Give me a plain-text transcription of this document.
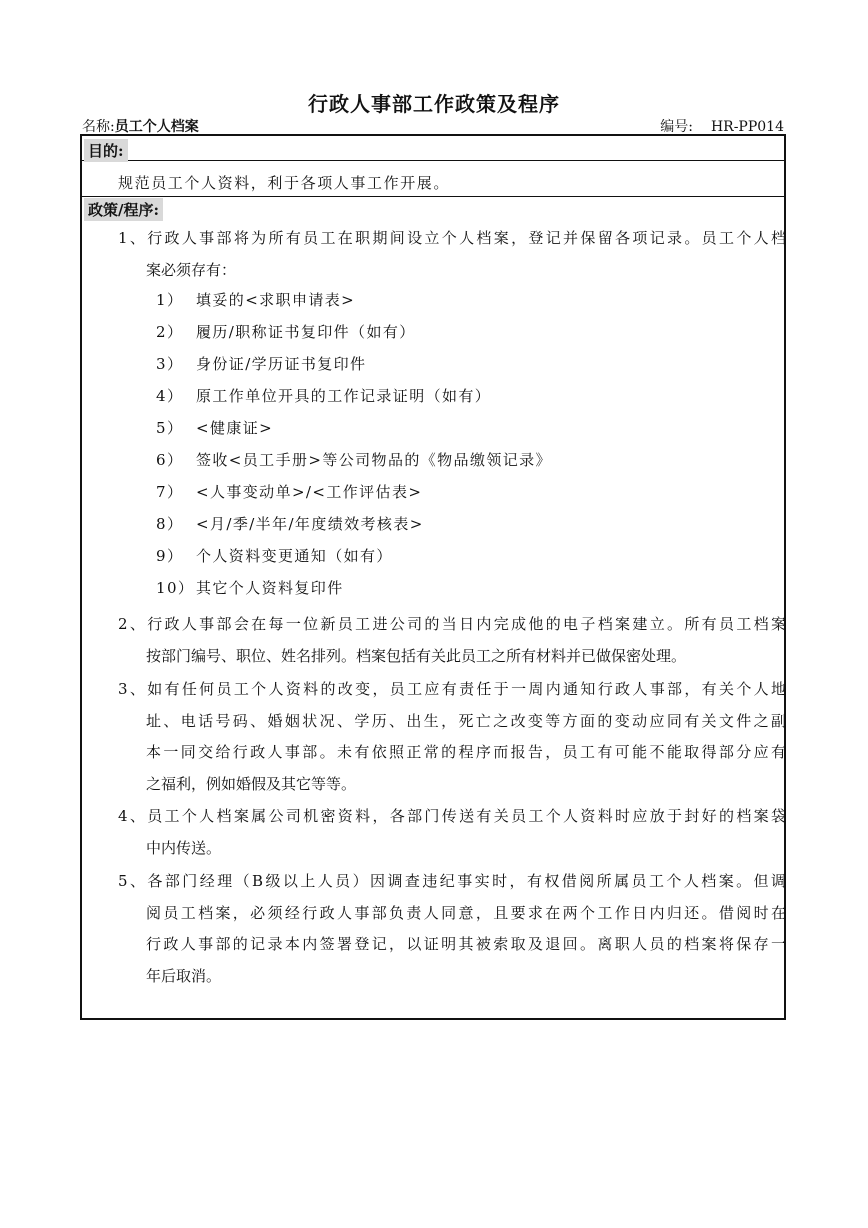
行政人事部工作政策及程序
名称:员工个人档案	编号: HR-PP014
目的:
规范员工个人资料，利于各项人事工作开展。
政策/程序:
1、行政人事部将为所有员工在职期间设立个人档案，登记并保留各项记录。员工个人档
案必须存有：
1） 填妥的<求职申请表>
2） 履历/职称证书复印件（如有）
3） 身份证/学历证书复印件
4） 原工作单位开具的工作记录证明（如有）
5） <健康证>
6） 签收<员工手册>等公司物品的《物品缴领记录》
7） <人事变动单>/<工作评估表>
8） <月/季/半年/年度绩效考核表>
9） 个人资料变更通知（如有）
10） 其它个人资料复印件
2、行政人事部会在每一位新员工进公司的当日内完成他的电子档案建立。所有员工档案
按部门编号、职位、姓名排列。档案包括有关此员工之所有材料并已做保密处理。
3、如有任何员工个人资料的改变，员工应有责任于一周内通知行政人事部，有关个人地
址、电话号码、婚姻状况、学历、出生，死亡之改变等方面的变动应同有关文件之副
本一同交给行政人事部。未有依照正常的程序而报告，员工有可能不能取得部分应有
之福利，例如婚假及其它等等。
4、员工个人档案属公司机密资料，各部门传送有关员工个人资料时应放于封好的档案袋
中内传送。
5、各部门经理（B级以上人员）因调查违纪事实时，有权借阅所属员工个人档案。但调
阅员工档案，必须经行政人事部负责人同意，且要求在两个工作日内归还。借阅时在
行政人事部的记录本内签署登记，以证明其被索取及退回。离职人员的档案将保存一
年后取消。
